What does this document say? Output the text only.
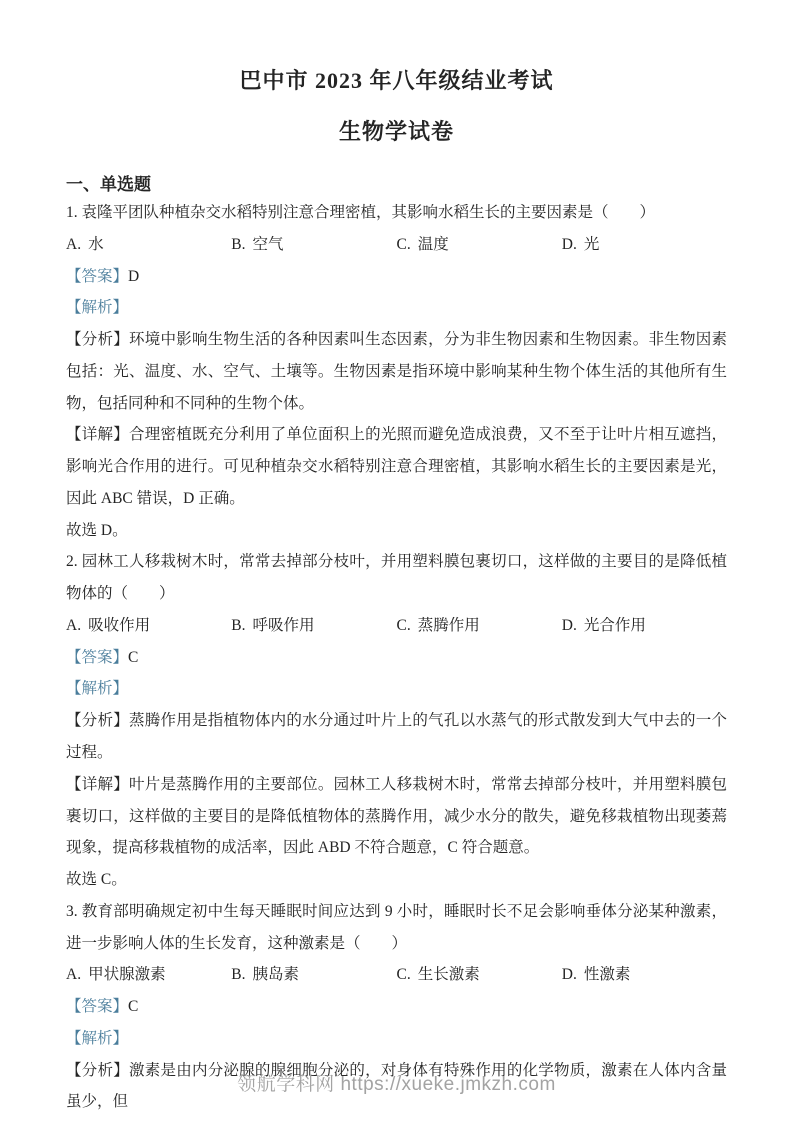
巴中市 2023 年八年级结业考试
生物学试卷
一、单选题

1. 袁隆平团队种植杂交水稻特别注意合理密植，其影响水稻生长的主要因素是（　　）

A. 水	B. 空气	C. 温度	D. 光

【答案】D

【解析】

【分析】环境中影响生物生活的各种因素叫生态因素，分为非生物因素和生物因素。非生物因素包括：光、温度、水、空气、土壤等。生物因素是指环境中影响某种生物个体生活的其他所有生物，包括同种和不同种的生物个体。

【详解】合理密植既充分利用了单位面积上的光照而避免造成浪费，又不至于让叶片相互遮挡，影响光合作用的进行。可见种植杂交水稻特别注意合理密植，其影响水稻生长的主要因素是光，因此 ABC 错误，D 正确。

故选 D。

2. 园林工人移栽树木时，常常去掉部分枝叶，并用塑料膜包裹切口，这样做的主要目的是降低植物体的（　　）

A. 吸收作用	B. 呼吸作用	C. 蒸腾作用	D. 光合作用

【答案】C

【解析】

【分析】蒸腾作用是指植物体内的水分通过叶片上的气孔以水蒸气的形式散发到大气中去的一个过程。

【详解】叶片是蒸腾作用的主要部位。园林工人移栽树木时，常常去掉部分枝叶，并用塑料膜包裹切口，这样做的主要目的是降低植物体的蒸腾作用，减少水分的散失，避免移栽植物出现萎蔫现象，提高移栽植物的成活率，因此 ABD 不符合题意，C 符合题意。

故选 C。

3. 教育部明确规定初中生每天睡眠时间应达到 9 小时，睡眠时长不足会影响垂体分泌某种激素，进一步影响人体的生长发育，这种激素是（　　）

A. 甲状腺激素	B. 胰岛素	C. 生长激素	D. 性激素

【答案】C

【解析】

【分析】激素是由内分泌腺的腺细胞分泌的，对身体有特殊作用的化学物质，激素在人体内含量虽少，但

领航学科网 https://xueke.jmkzh.com
